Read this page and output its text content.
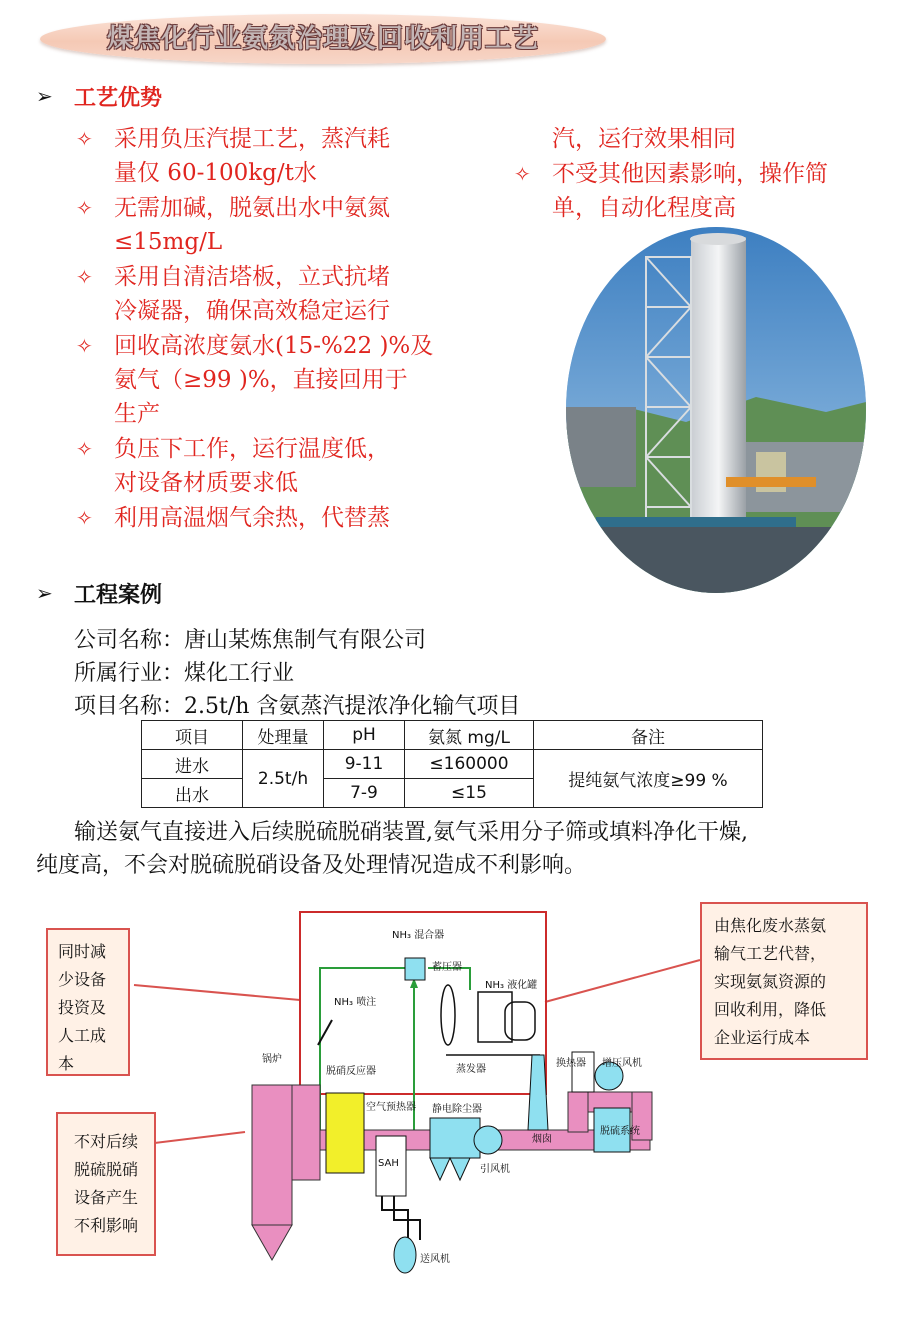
煤焦化行业氨氮治理及回收利用工艺
➢ 工艺优势
✧ 采用负压汽提工艺，蒸汽耗
量仅 60-100kg/t水
✧ 无需加碱，脱氨出水中氨氮
≤15mg/L
✧ 采用自清洁塔板，立式抗堵
冷凝器，确保高效稳定运行
✧ 回收高浓度氨水(15-%22 )%及
氨气（≥99 )%，直接回用于
生产
✧ 负压下工作，运行温度低，
对设备材质要求低
✧ 利用高温烟气余热，代替蒸
汽，运行效果相同
✧ 不受其他因素影响，操作简
单，自动化程度高
➢ 工程案例
公司名称：唐山某炼焦制气有限公司
所属行业：煤化工行业
项目名称：2.5t/h 含氨蒸汽提浓净化输气项目
项目	处理量	pH	氨氮 mg/L	备注
进水	2.5t/h	9-11	≤160000	提纯氨气浓度≥99 %
出水		7-9	≤15	
输送氨气直接进入后续脱硫脱硝装置,氨气采用分子筛或填料净化干燥,
纯度高，不会对脱硫脱硝设备及处理情况造成不利影响。
NH₃ 混合器
蓄压器
NH₃ 液化罐
NH₃ 喷注
蒸发器
锅炉
脱硝反应器
空气预热器 静电除尘器
SAH
引风机
送风机
烟囱
换热器 增压风机
脱硫系统
同时减
少设备
投资及
人工成
本
不对后续
脱硫脱硝
设备产生
不利影响
由焦化废水蒸氨
输气工艺代替，
实现氨氮资源的
回收利用，降低
企业运行成本
